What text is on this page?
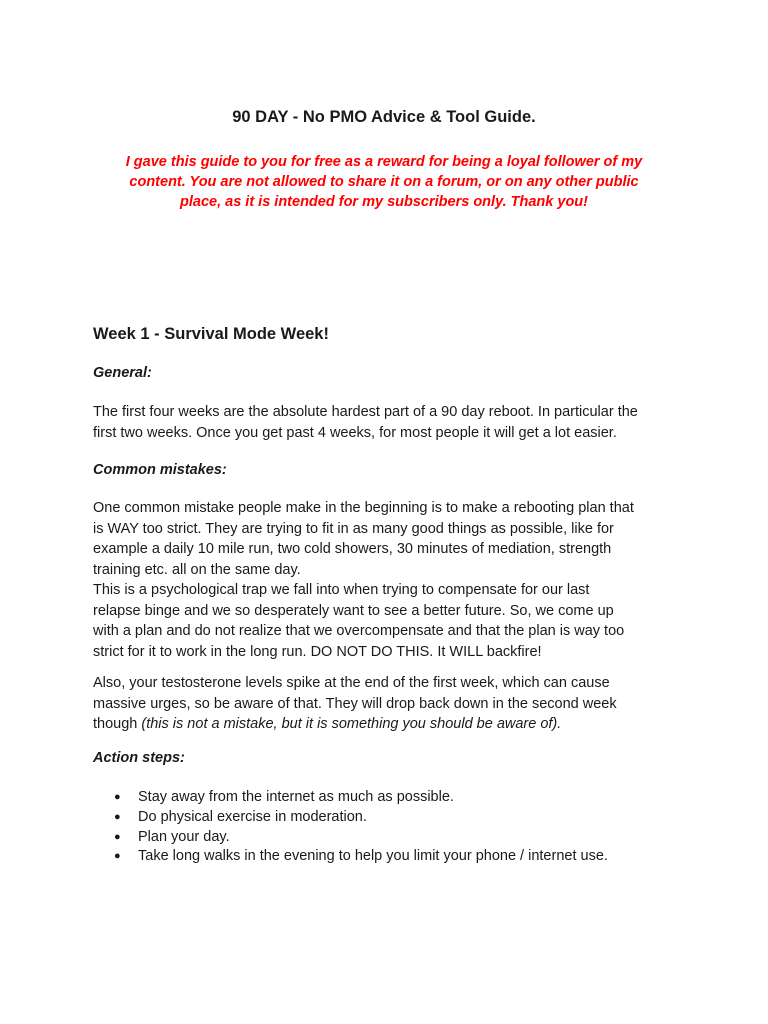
90 DAY - No PMO Advice & Tool Guide.
I gave this guide to you for free as a reward for being a loyal follower of my
content. You are not allowed to share it on a forum, or on any other public
place, as it is intended for my subscribers only. Thank you!
Week 1 - Survival Mode Week!
General:
The first four weeks are the absolute hardest part of a 90 day reboot. In particular the
first two weeks. Once you get past 4 weeks, for most people it will get a lot easier.
Common mistakes:
One common mistake people make in the beginning is to make a rebooting plan that
is WAY too strict. They are trying to fit in as many good things as possible, like for
example a daily 10 mile run, two cold showers, 30 minutes of mediation, strength
training etc. all on the same day.
This is a psychological trap we fall into when trying to compensate for our last
relapse binge and we so desperately want to see a better future. So, we come up
with a plan and do not realize that we overcompensate and that the plan is way too
strict for it to work in the long run. DO NOT DO THIS. It WILL backfire!
Also, your testosterone levels spike at the end of the first week, which can cause
massive urges, so be aware of that. They will drop back down in the second week
though (this is not a mistake, but it is something you should be aware of).
Action steps:
● Stay away from the internet as much as possible.
● Do physical exercise in moderation.
● Plan your day.
● Take long walks in the evening to help you limit your phone / internet use.
